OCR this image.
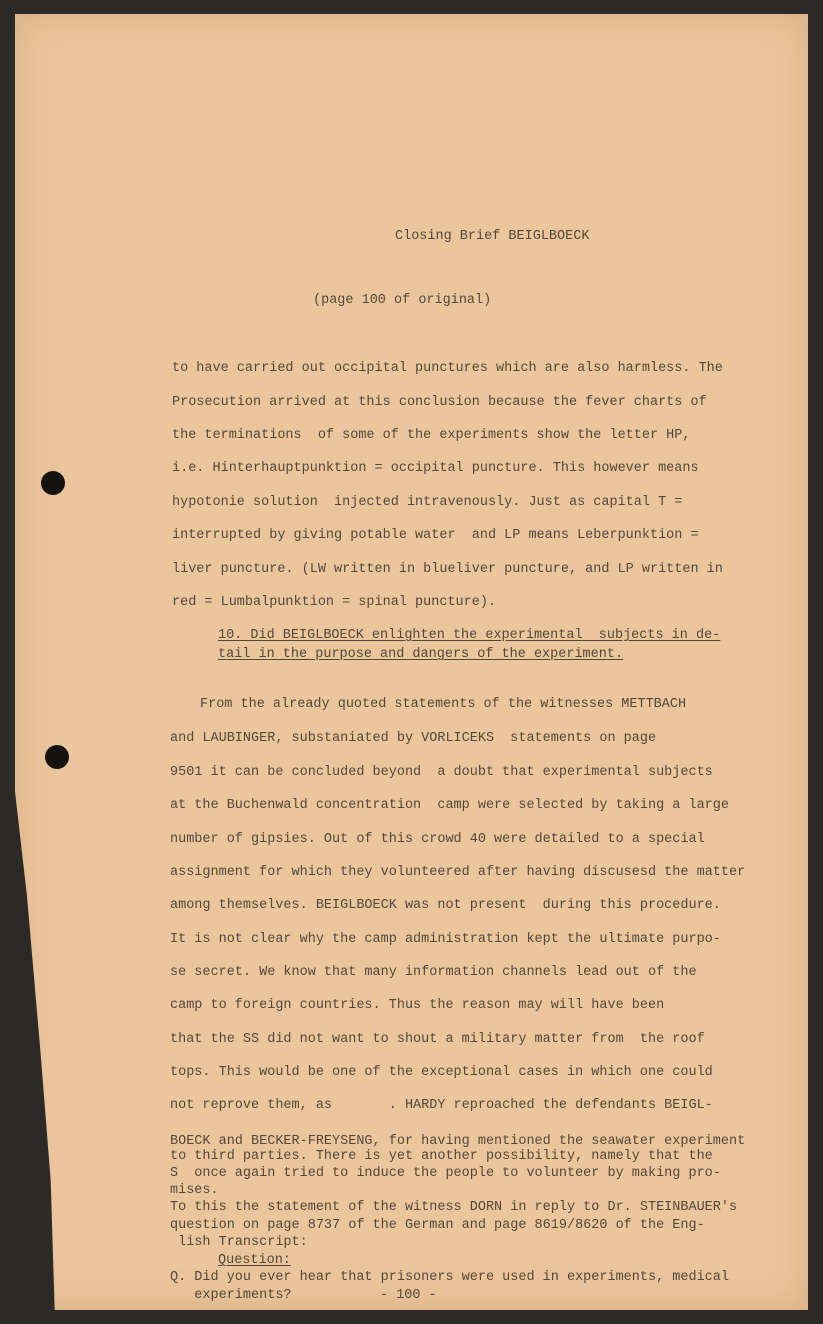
Closing Brief BEIGLBOECK
(page 100 of original)
to have carried out occipital punctures which are also harmless. The
Prosecution arrived at this conclusion because the fever charts of
the terminations  of some of the experiments show the letter HP,
i.e. Hinterhauptpunktion = occipital puncture. This however means
hypotonie solution  injected intravenously. Just as capital T =
interrupted by giving potable water  and LP means Leberpunktion =
liver puncture. (LW written in blueliver puncture, and LP written in
red = Lumbalpunktion = spinal puncture).
10. Did BEIGLBOECK enlighten the experimental  subjects in de-
tail in the purpose and dangers of the experiment.
From the already quoted statements of the witnesses METTBACH
and LAUBINGER, substaniated by VORLICEKS  statements on page
9501 it can be concluded beyond  a doubt that experimental subjects
at the Buchenwald concentration  camp were selected by taking a large
number of gipsies. Out of this crowd 40 were detailed to a special
assignment for which they volunteered after having discusesd the matter
among themselves. BEIGLBOECK was not present  during this procedure.
It is not clear why the camp administration kept the ultimate purpo-
se secret. We know that many information channels lead out of the
camp to foreign countries. Thus the reason may will have been
that the SS did not want to shout a military matter from  the roof
tops. This would be one of the exceptional cases in which one could
not reprove them, as       . HARDY reproached the defendants BEIGL-
BOECK and BECKER-FREYSENG, for having mentioned the seawater experiment
to third parties. There is yet another possibility, namely that the
S  once again tried to induce the people to volunteer by making pro-
mises.
To this the statement of the witness DORN in reply to Dr. STEINBAUER's
question on page 8737 of the German and page 8619/8620 of the Eng-
lish Transcript:
Question:
Q. Did you ever hear that prisoners were used in experiments, medical
experiments?	- 100 -
